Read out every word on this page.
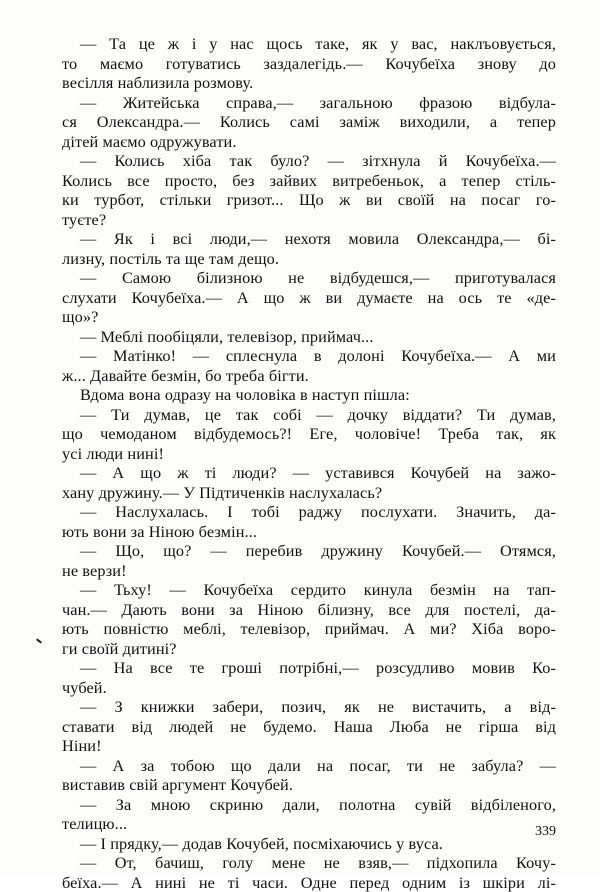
— Та це ж і у нас щось таке, як у вас, наклъовується,
то маємо готуватись заздалегідь.— Кочубеїха знову до
весілля наблизила розмову.
— Житейська справа,— загальною фразою відбула-
ся Олександра.— Колись самі заміж виходили, а тепер
дітей маємо одружувати.
— Колись хіба так було? — зітхнула й Кочубеїха.—
Колись все просто, без зайвих витребеньок, а тепер стіль-
ки турбот, стільки гризот... Що ж ви своїй на посаг го-
туєте?
— Як і всі люди,— нехотя мовила Олександра,— бі-
лизну, постіль та ще там дещо.
— Самою білизною не відбудешся,— приготувалася
слухати Кочубеїха.— А що ж ви думаєте на ось те «де-
що»?
— Меблі пообіцяли, телевізор, приймач...
— Матінко! — сплеснула в долоні Кочубеїха.— А ми
ж... Давайте безмін, бо треба бігти.
Вдома вона одразу на чоловіка в наступ пішла:
— Ти думав, це так собі — дочку віддати? Ти думав,
що чемоданом відбудемось?! Еге, чоловіче! Треба так, як
усі люди нині!
— А що ж ті люди? — уставився Кочубей на зажо-
хану дружину.— У Підтиченків наслухалась?
— Наслухалась. І тобі раджу послухати. Значить, да-
ють вони за Ніною безмін...
— Що, що? — перебив дружину Кочубей.— Отямся,
не верзи!
— Тьху! — Кочубеїха сердито кинула безмін на тап-
чан.— Дають вони за Ніною білизну, все для постелі, да-
ють повністю меблі, телевізор, приймач. А ми? Хіба воро-
ги своїй дитині?
— На все те гроші потрібні,— розсудливо мовив Ко-
чубей.
— З книжки забери, позич, як не вистачить, а від-
ставати від людей не будемо. Наша Люба не гірша від
Ніни!
— А за тобою що дали на посаг, ти не забула? —
виставив свій аргумент Кочубей.
— За мною скриню дали, полотна сувій відбіленого,
телицю...
— І прядку,— додав Кочубей, посміхаючись у вуса.
— От, бачиш, голу мене не взяв,— підхопила Кочу-
беїха.— А нині не ті часи. Одне перед одним із шкіри лі-
339
